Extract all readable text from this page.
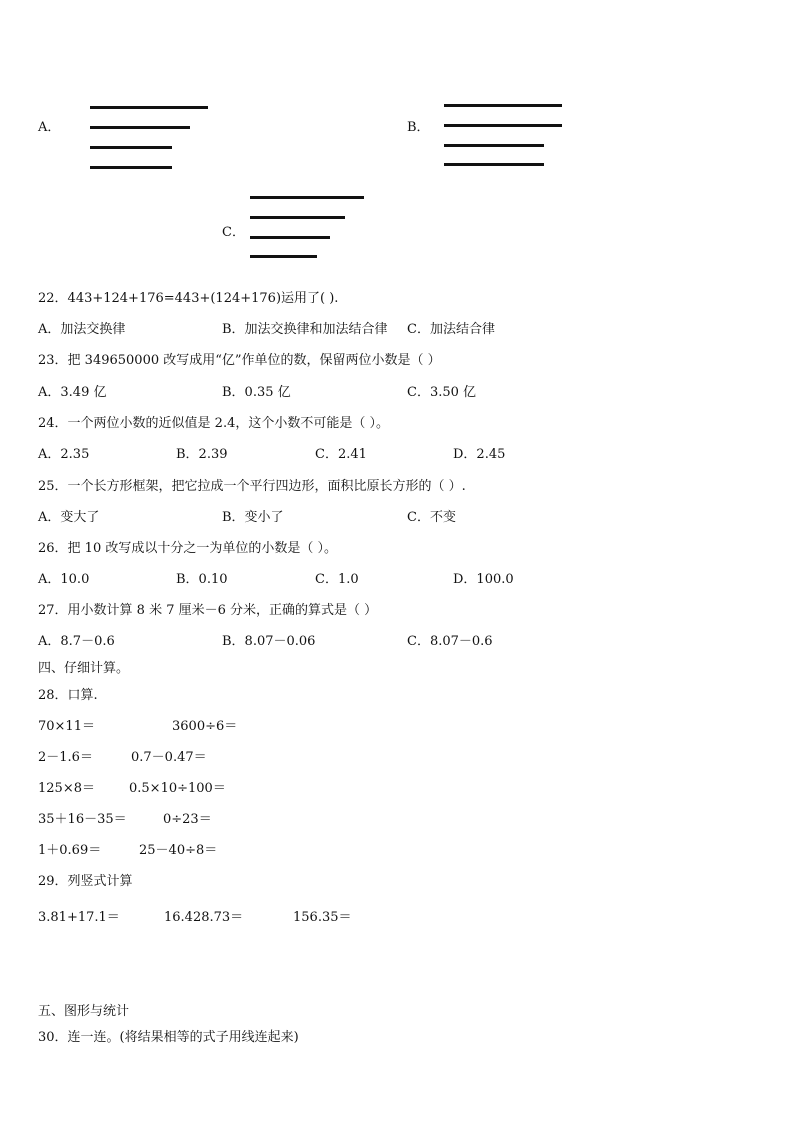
A．	B．
C．
22．443+124+176=443+(124+176)运用了( ).
A．加法交换律	B．加法交换律和加法结合律 C．加法结合律
23．把 349650000 改写成用“亿”作单位的数，保留两位小数是（ ）
A．3.49 亿	B．0.35 亿	C．3.50 亿
24．一个两位小数的近似值是 2.4，这个小数不可能是（ ）。
A．2.35	B．2.39	C．2.41	D．2.45
25．一个长方形框架，把它拉成一个平行四边形，面积比原长方形的（ ）.
A．变大了	B．变小了	C．不变
26．把 10 改写成以十分之一为单位的小数是（ ）。
A．10.0	B．0.10	C．1.0	D．100.0
27．用小数计算 8 米 7 厘米－6 分米，正确的算式是（ ）
A．8.7－0.6	B．8.07－0.06	C．8.07－0.6
四、仔细计算。
28．口算.
70×11＝	3600÷6＝
2－1.6＝	0.7－0.47＝
125×8＝	0.5×10÷100＝
35＋16－35＝	0÷23＝
1＋0.69＝	25－40÷8＝
29．列竖式计算
3.81+17.1＝	16.428.73＝	156.35＝
五、图形与统计
30．连一连。(将结果相等的式子用线连起来)
